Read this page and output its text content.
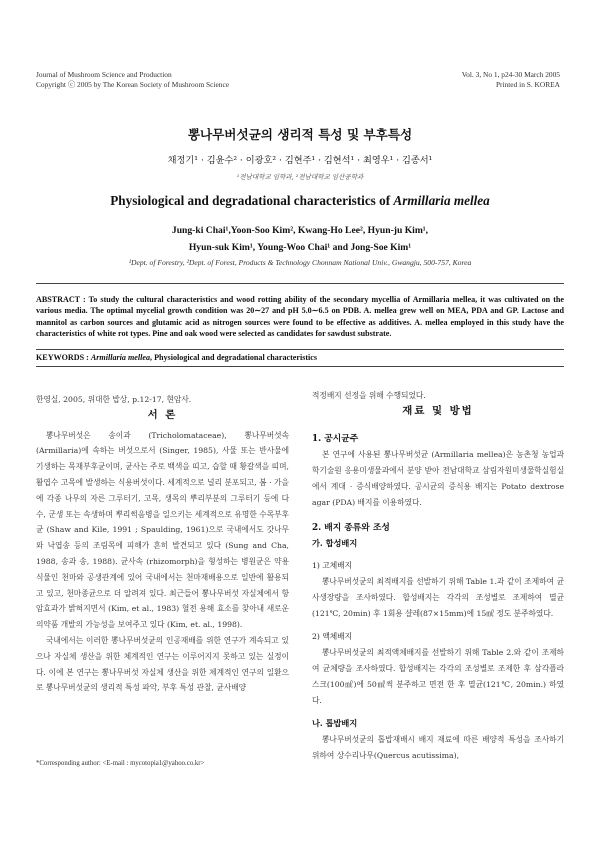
Journal of Mushroom Science and Production
Copyright ⓒ 2005 by The Korean Society of Mushroom Science
Vol. 3, No 1, p24-30 March 2005
Printed in S. KOREA
뽕나무버섯균의 생리적 특성 및 부후특성
채정기¹ · 김윤수² · 이광호² · 김현주¹ · 김현석¹ · 최영우¹ · 김종서¹
¹전남대학교 임학과, ²전남대학교 임산공학과
Physiological and degradational characteristics of Armillaria mellea
Jung-ki Chai¹,Yoon-Soo Kim², Kwang-Ho Lee², Hyun-ju Kim¹,
Hyun-suk Kim¹, Young-Woo Chai¹ and Jong-Soe Kim¹
¹Dept. of Forestry, ²Dept. of Forest, Products & Technology Chonnam National Univ., Gwangju, 500-757, Korea
ABSTRACT : To study the cultural characteristics and wood rotting ability of the secondary mycellia of Armillaria mellea, it was cultivated on the various media. The optimal mycelial growth condition was 20∼27 and pH 5.0∼6.5 on PDB. A. mellea grew well on MEA, PDA and GP. Lactose and mannitol as carbon sources and glutamic acid as nitrogen sources were found to be effective as additives. A. mellea employed in this study have the characteristics of white rot types. Pine and oak wood were selected as candidates for sawdust substrate.
KEYWORDS : Armillaria mellea, Physiological and degradational characteristics
한영실, 2005, 위대한 밥상, p.12-17, 현암사.
서 론

뽕나무버섯은 송이과 (Tricholomataceae), 뽕나무버섯속 (Armillaria)에 속하는 버섯으로서 (Singer, 1985), 사물 또는 반사물에 기생하는 목재부후균이며, 균사는 주로 백색을 띠고, 습할 때 황갈색을 띠며, 활엽수 고목에 발생하는 식용버섯이다. 세계적으로 널리 분포되고, 봄 · 가을에 각종 나무의 자른 그루터기, 고목, 생목의 뿌리부분의 그루터기 등에 다수, 군생 또는 속생하며 뿌리썩음병을 일으키는 세계적으로 유명한 수목부후균 (Shaw and Kile, 1991 ; Spaulding, 1961)으로 국내에서도 갓나무와 낙엽송 등의 조림목에 피해가 흔히 발견되고 있다 (Sung and Cha, 1988, 송과 송, 1988). 균사속 (rhizomorph)을 형성하는 병원균은 약용식물인 천마와 공생관계에 있어 국내에서는 천마재배용으로 일반에 활용되고 있고, 천마종균으로 더 알려져 있다. 최근들어 뽕나무버섯 자실체에서 항암효과가 밝혀지면서 (Kim, et al., 1983) 혈전 용해 효소를 찾아내 새로운 의약품 개발의 가능성을 보여주고 있다 (Kim, et. al., 1998).

국내에서는 이러한 뽕나무버섯균의 인공재배를 위한 연구가 계속되고 있으나 자실체 생산을 위한 체계적인 연구는 이루어지지 못하고 있는 실정이다. 이에 본 연구는 뽕나무버섯 자실체 생산을 위한 체계적인 연구의 일환으로 뽕나무버섯균의 생리적 특성 파악, 부후 특성 관찰, 균사배양

*Corresponding author: <E-mail : mycotopia1@yahoo.co.kr>
적정배지 선정을 위해 수행되었다.
재료 및 방법
1. 공시균주

본 연구에 사용된 뽕나무버섯균 (Armillaria mellea)은 농촌청 농업과학기술원 응용미생물과에서 분양 받아 전남대학교 삼림자원미생물학실험실에서 계대 · 증식배양하였다. 공시균의 증식용 배지는 Potato dextrose agar (PDA) 배지를 이용하였다.

2. 배지 종류와 조성
가. 합성배지
1) 고체배지

뽕나무버섯균의 최적배지를 선발하기 위해 Table 1.과 같이 조제하여 균사생장량을 조사하였다. 합성배지는 각각의 조성별로 조제하여 멸균(121℃, 20min) 후 1회용 샬레(87×15mm)에 15㎖ 정도 분주하였다.

2) 액체배지

뽕나무버섯균의 최적액체배지를 선발하기 위해 Table 2.와 같이 조제하여 균체량을 조사하였다. 합성배지는 각각의 조성별로 조제한 후 삼각플라스크(100㎖)에 50㎖씩 분주하고 면전 한 후 멸균(121℃, 20min.) 하였다.

나. 톱밥배지

뽕나무버섯균의 톱밥재배시 배지 재료에 따른 배양적 특성을 조사하기 위하여 상수리나무(Quercus acutissima),
